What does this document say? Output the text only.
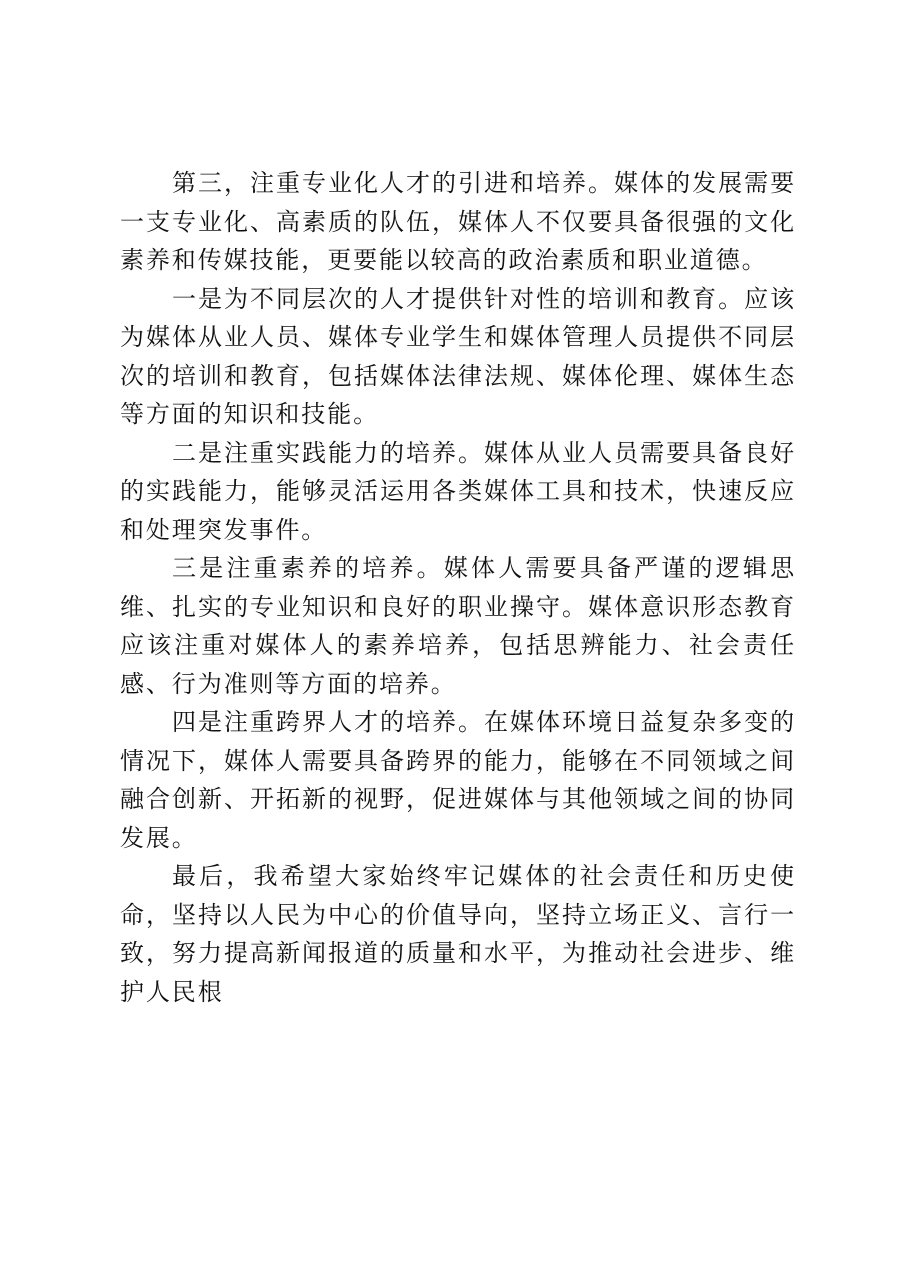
第三，注重专业化人才的引进和培养。媒体的发展需要一支专业化、高素质的队伍，媒体人不仅要具备很强的文化素养和传媒技能，更要能以较高的政治素质和职业道德。

一是为不同层次的人才提供针对性的培训和教育。应该为媒体从业人员、媒体专业学生和媒体管理人员提供不同层次的培训和教育，包括媒体法律法规、媒体伦理、媒体生态等方面的知识和技能。

二是注重实践能力的培养。媒体从业人员需要具备良好的实践能力，能够灵活运用各类媒体工具和技术，快速反应和处理突发事件。

三是注重素养的培养。媒体人需要具备严谨的逻辑思维、扎实的专业知识和良好的职业操守。媒体意识形态教育应该注重对媒体人的素养培养，包括思辨能力、社会责任感、行为准则等方面的培养。

四是注重跨界人才的培养。在媒体环境日益复杂多变的情况下，媒体人需要具备跨界的能力，能够在不同领域之间融合创新、开拓新的视野，促进媒体与其他领域之间的协同发展。

最后，我希望大家始终牢记媒体的社会责任和历史使命，坚持以人民为中心的价值导向，坚持立场正义、言行一致，努力提高新闻报道的质量和水平，为推动社会进步、维护人民根
